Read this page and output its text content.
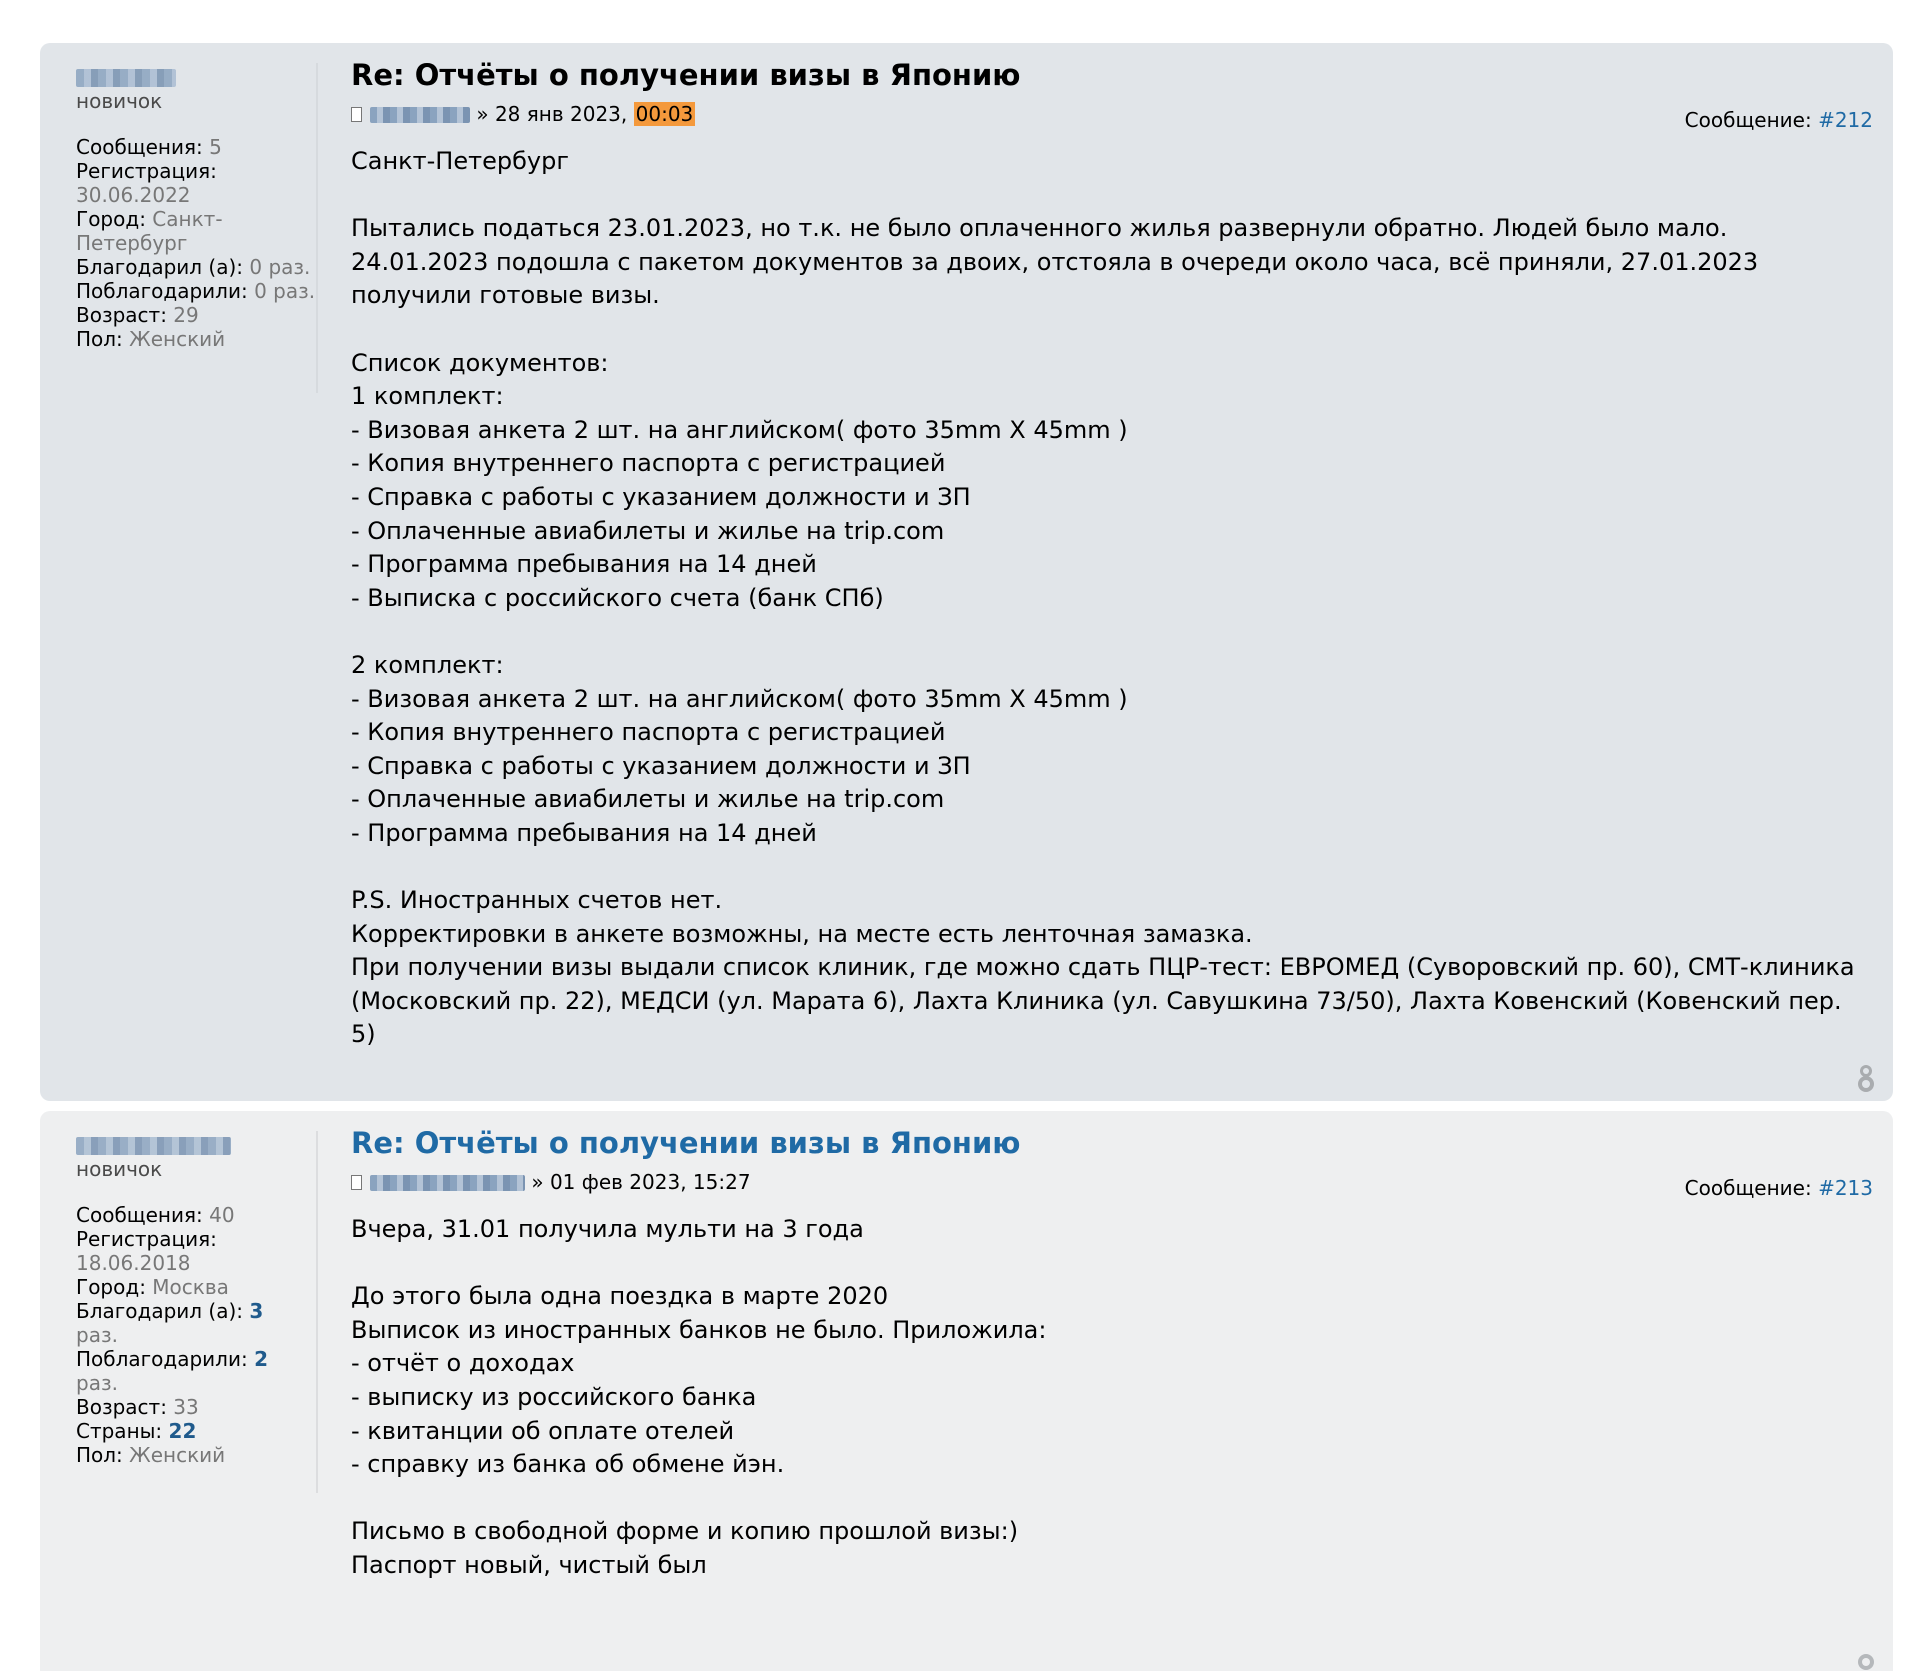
новичок
Сообщения: 5
Регистрация:
30.06.2022
Город: Санкт-Петербург
Благодарил (а): 0 раз.
Поблагодарили: 0 раз.
Возраст: 29
Пол: Женский
Re: Отчёты о получении визы в Японию
» 28 янв 2023, 00:03	Сообщение: #212

Санкт-Петербург

Пытались податься 23.01.2023, но т.к. не было оплаченного жилья развернули обратно. Людей было мало.

24.01.2023 подошла с пакетом документов за двоих, отстояла в очереди около часа, всё приняли, 27.01.2023

получили готовые визы.

Список документов:

1 комплект:

- Визовая анкета 2 шт. на английском( фото 35mm X 45mm )

- Копия внутреннего паспорта с регистрацией

- Справка с работы с указанием должности и ЗП

- Оплаченные авиабилеты и жилье на trip.com

- Программа пребывания на 14 дней

- Выписка с российского счета (банк СПб)

2 комплект:

- Визовая анкета 2 шт. на английском( фото 35mm X 45mm )

- Копия внутреннего паспорта с регистрацией

- Справка с работы с указанием должности и ЗП

- Оплаченные авиабилеты и жилье на trip.com

- Программа пребывания на 14 дней

P.S. Иностранных счетов нет.

Корректировки в анкете возможны, на месте есть ленточная замазка.

При получении визы выдали список клиник, где можно сдать ПЦР-тест: ЕВРОМЕД (Суворовский пр. 60), СМТ-клиника

(Московский пр. 22), МЕДСИ (ул. Марата 6), Лахта Клиника (ул. Савушкина 73/50), Лахта Ковенский (Ковенский пер.

5)

новичок
Сообщения: 40
Регистрация:
18.06.2018
Город: Москва
Благодарил (а): 3
раз.
Поблагодарили: 2
раз.
Возраст: 33
Страны: 22
Пол: Женский
Re: Отчёты о получении визы в Японию
» 01 фев 2023, 15:27	Сообщение: #213

Вчера, 31.01 получила мульти на 3 года

До этого была одна поездка в марте 2020

Выписок из иностранных банков не было. Приложила:

- отчёт о доходах

- выписку из российского банка

- квитанции об оплате отелей

- справку из банка об обмене йэн.

Письмо в свободной форме и копию прошлой визы:)

Паспорт новый, чистый был
